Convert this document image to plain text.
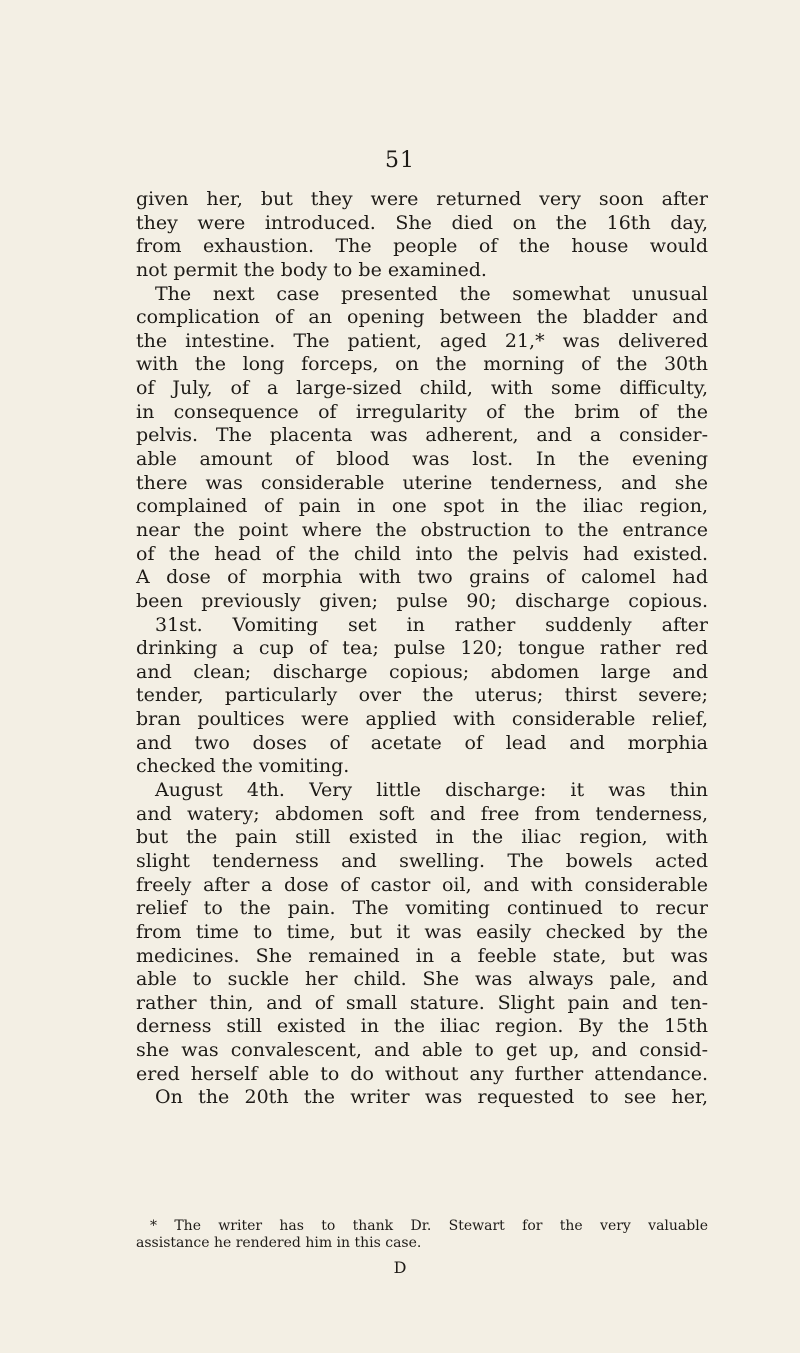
51
given her, but they were returned very soon after
they were introduced. She died on the 16th day,
from exhaustion. The people of the house would
not permit the body to be examined.
The next case presented the somewhat unusual
complication of an opening between the bladder and
the intestine. The patient, aged 21,* was delivered
with the long forceps, on the morning of the 30th
of July, of a large-sized child, with some difficulty,
in consequence of irregularity of the brim of the
pelvis. The placenta was adherent, and a consider-
able amount of blood was lost. In the evening
there was considerable uterine tenderness, and she
complained of pain in one spot in the iliac region,
near the point where the obstruction to the entrance
of the head of the child into the pelvis had existed.
A dose of morphia with two grains of calomel had
been previously given; pulse 90; discharge copious.
31st. Vomiting set in rather suddenly after
drinking a cup of tea; pulse 120; tongue rather red
and clean; discharge copious; abdomen large and
tender, particularly over the uterus; thirst severe;
bran poultices were applied with considerable relief,
and two doses of acetate of lead and morphia
checked the vomiting.
August 4th. Very little discharge: it was thin
and watery; abdomen soft and free from tenderness,
but the pain still existed in the iliac region, with
slight tenderness and swelling. The bowels acted
freely after a dose of castor oil, and with considerable
relief to the pain. The vomiting continued to recur
from time to time, but it was easily checked by the
medicines. She remained in a feeble state, but was
able to suckle her child. She was always pale, and
rather thin, and of small stature. Slight pain and ten-
derness still existed in the iliac region. By the 15th
she was convalescent, and able to get up, and consid-
ered herself able to do without any further attendance.
On the 20th the writer was requested to see her,
* The writer has to thank Dr. Stewart for the very valuable
assistance he rendered him in this case.
D
